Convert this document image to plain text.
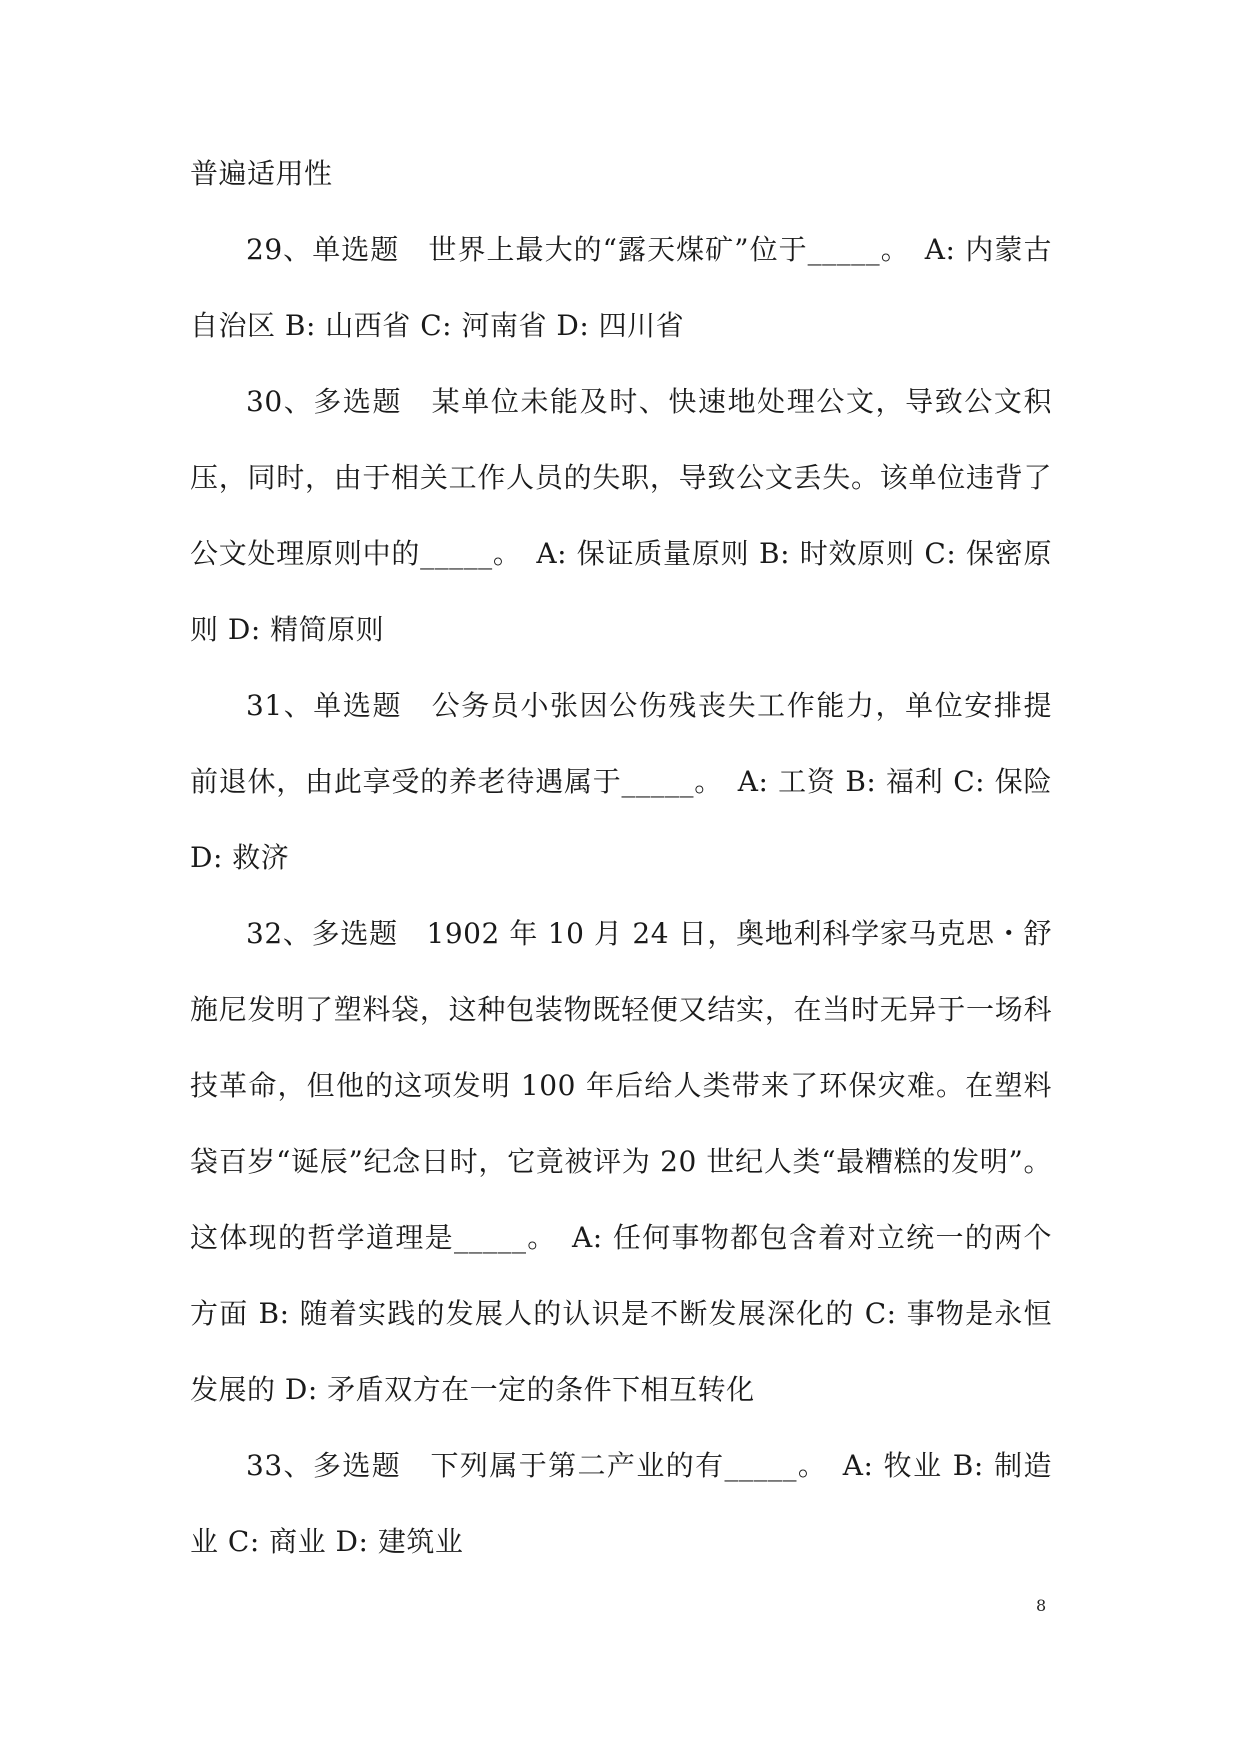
普遍适用性

29、单选题　世界上最大的“露天煤矿”位于_____。　A: 内蒙古自治区 B: 山西省 C: 河南省 D: 四川省

30、多选题　某单位未能及时、快速地处理公文，导致公文积压，同时，由于相关工作人员的失职，导致公文丢失。该单位违背了公文处理原则中的_____。　A: 保证质量原则 B: 时效原则 C: 保密原则 D: 精简原则

31、单选题　公务员小张因公伤残丧失工作能力，单位安排提前退休，由此享受的养老待遇属于_____。　A: 工资 B: 福利 C: 保险 D: 救济

32、多选题　1902 年 10 月 24 日，奥地利科学家马克思・舒施尼发明了塑料袋，这种包装物既轻便又结实，在当时无异于一场科技革命，但他的这项发明 100 年后给人类带来了环保灾难。在塑料袋百岁“诞辰”纪念日时，它竟被评为 20 世纪人类“最糟糕的发明”。这体现的哲学道理是_____。　A: 任何事物都包含着对立统一的两个方面 B: 随着实践的发展人的认识是不断发展深化的 C: 事物是永恒发展的 D: 矛盾双方在一定的条件下相互转化

33、多选题　下列属于第二产业的有_____。　A: 牧业 B: 制造业 C: 商业 D: 建筑业

8
